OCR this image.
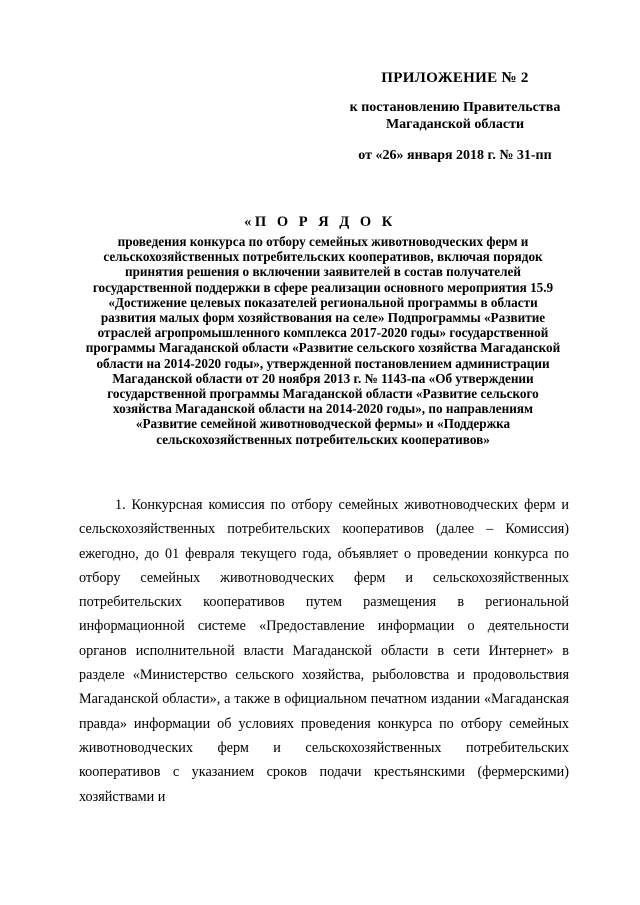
ПРИЛОЖЕНИЕ № 2
к постановлению Правительства
Магаданской области
от «26» января 2018 г. № 31-пп
«П О Р Я Д О К
проведения конкурса по отбору семейных животноводческих ферм и сельскохозяйственных потребительских кооперативов, включая порядок принятия решения о включении заявителей в состав получателей государственной поддержки в сфере реализации основного мероприятия 15.9 «Достижение целевых показателей региональной программы в области развития малых форм хозяйствования на селе» Подпрограммы «Развитие отраслей агропромышленного комплекса 2017-2020 годы» государственной программы Магаданской области «Развитие сельского хозяйства Магаданской области на 2014-2020 годы», утвержденной постановлением администрации Магаданской области от 20 ноября 2013 г. № 1143-па «Об утверждении государственной программы Магаданской области «Развитие сельского хозяйства Магаданской области на 2014-2020 годы», по направлениям «Развитие семейной животноводческой фермы» и «Поддержка сельскохозяйственных потребительских кооперативов»
1. Конкурсная комиссия по отбору семейных животноводческих ферм и сельскохозяйственных потребительских кооперативов (далее – Комиссия) ежегодно, до 01 февраля текущего года, объявляет о проведении конкурса по отбору семейных животноводческих ферм и сельскохозяйственных потребительских кооперативов путем размещения в региональной информационной системе «Предоставление информации о деятельности органов исполнительной власти Магаданской области в сети Интернет» в разделе «Министерство сельского хозяйства, рыболовства и продовольствия Магаданской области», а также в официальном печатном издании «Магаданская правда» информации об условиях проведения конкурса по отбору семейных животноводческих ферм и сельскохозяйственных потребительских кооперативов с указанием сроков подачи крестьянскими (фермерскими) хозяйствами и
